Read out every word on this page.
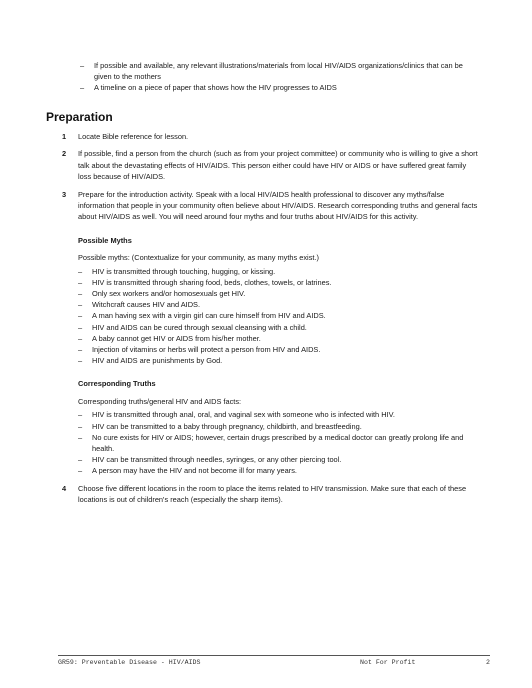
– If possible and available, any relevant illustrations/materials from local HIV/AIDS organizations/clinics that can be given to the mothers
– A timeline on a piece of paper that shows how the HIV progresses to AIDS
Preparation
1 Locate Bible reference for lesson.
2 If possible, find a person from the church (such as from your project committee) or community who is willing to give a short talk about the devastating effects of HIV/AIDS. This person either could have HIV or AIDS or have suffered great family loss because of HIV/AIDS.
3 Prepare for the introduction activity. Speak with a local HIV/AIDS health professional to discover any myths/false information that people in your community often believe about HIV/AIDS. Research corresponding truths and general facts about HIV/AIDS as well. You will need around four myths and four truths about HIV/AIDS for this activity.
Possible Myths
Possible myths: (Contextualize for your community, as many myths exist.)
– HIV is transmitted through touching, hugging, or kissing.
– HIV is transmitted through sharing food, beds, clothes, towels, or latrines.
– Only sex workers and/or homosexuals get HIV.
– Witchcraft causes HIV and AIDS.
– A man having sex with a virgin girl can cure himself from HIV and AIDS.
– HIV and AIDS can be cured through sexual cleansing with a child.
– A baby cannot get HIV or AIDS from his/her mother.
– Injection of vitamins or herbs will protect a person from HIV and AIDS.
– HIV and AIDS are punishments by God.
Corresponding Truths
Corresponding truths/general HIV and AIDS facts:
– HIV is transmitted through anal, oral, and vaginal sex with someone who is infected with HIV.
– HIV can be transmitted to a baby through pregnancy, childbirth, and breastfeeding.
– No cure exists for HIV or AIDS; however, certain drugs prescribed by a medical doctor can greatly prolong life and health.
– HIV can be transmitted through needles, syringes, or any other piercing tool.
– A person may have the HIV and not become ill for many years.
4 Choose five different locations in the room to place the items related to HIV transmission. Make sure that each of these locations is out of children's reach (especially the sharp items).
GR59: Preventable Disease - HIV/AIDS	Not For Profit	2
